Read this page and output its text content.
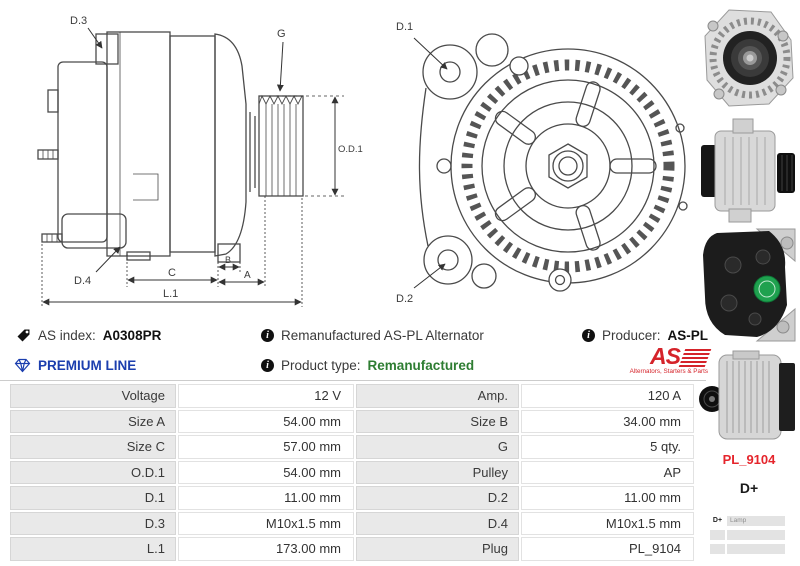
D.3
G
O.D.1
D.4
C
B
A
L.1
D.1
D.2
AS index: A0308PR	i Remanufactured AS-PL Alternator	i Producer: AS-PL
PREMIUM LINE	i Product type: Remanufactured	AS
Alternators, Starters & Parts
Voltage	12 V	Amp.	120 A
Size A	54.00 mm	Size B	34.00 mm
Size C	57.00 mm	G	5 qty.
O.D.1	54.00 mm	Pulley	AP
D.1	11.00 mm	D.2	11.00 mm
D.3	M10x1.5 mm	D.4	M10x1.5 mm
L.1	173.00 mm	Plug	PL_9104
PL_9104
D+
D+	Lamp
